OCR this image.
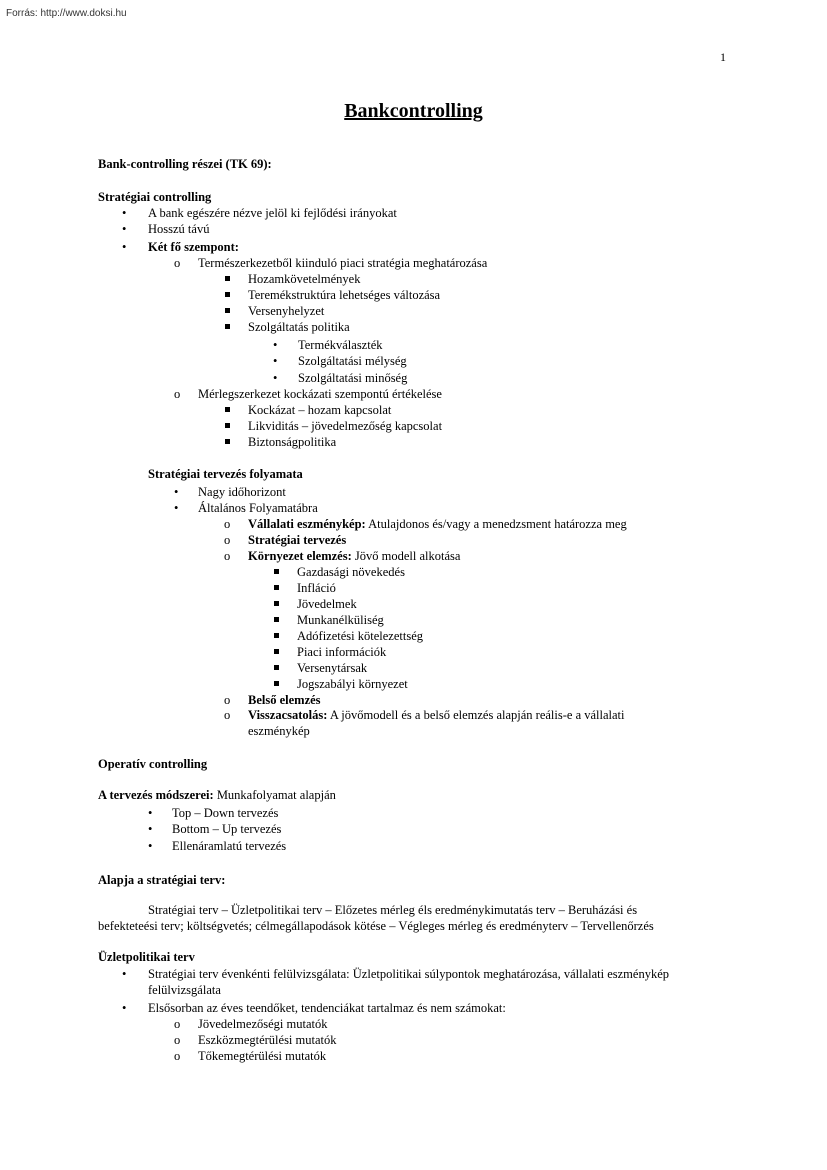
Forrás: http://www.doksi.hu
1
Bankcontrolling
Bank-controlling részei (TK 69):
Stratégiai controlling
• A bank egészére nézve jelöl ki fejlődési irányokat
• Hosszú távú
• Két fő szempont:
o Természerkezetből kiinduló piaci stratégia meghatározása
Hozamkövetelmények
Teremékstruktúra lehetséges változása
Versenyhelyzet
Szolgáltatás politika
• Termékválaszték
• Szolgáltatási mélység
• Szolgáltatási minőség
o Mérlegszerkezet kockázati szempontú értékelése
Kockázat – hozam kapcsolat
Likviditás – jövedelmezőség kapcsolat
Biztonságpolitika
Stratégiai tervezés folyamata
• Nagy időhorizont
• Általános Folyamatábra
o Vállalati eszménykép: Atulajdonos és/vagy a menedzsment határozza meg
o Stratégiai tervezés
o Környezet elemzés: Jövő modell alkotása
Gazdasági növekedés
Infláció
Jövedelmek
Munkanélküliség
Adófizetési kötelezettség
Piaci információk
Versenytársak
Jogszabályi környezet
o Belső elemzés
o Visszacsatolás: A jövőmodell és a belső elemzés alapján reális-e a vállalati
eszménykép
Operatív controlling
A tervezés módszerei: Munkafolyamat alapján
• Top – Down tervezés
• Bottom – Up tervezés
• Ellenáramlatú tervezés
Alapja a stratégiai terv:
Stratégiai terv – Üzletpolitikai terv – Előzetes mérleg éls eredménykimutatás terv – Beruházási és
befekteteési terv; költségvetés; célmegállapodások kötése – Végleges mérleg és eredményterv – Tervellenőrzés
Üzletpolitikai terv
• Stratégiai terv évenkénti felülvizsgálata: Üzletpolitikai súlypontok meghatározása, vállalati eszménykép
felülvizsgálata
• Elsősorban az éves teendőket, tendenciákat tartalmaz és nem számokat:
o Jövedelmezőségi mutatók
o Eszközmegtérülési mutatók
o Tőkemegtérülési mutatók
